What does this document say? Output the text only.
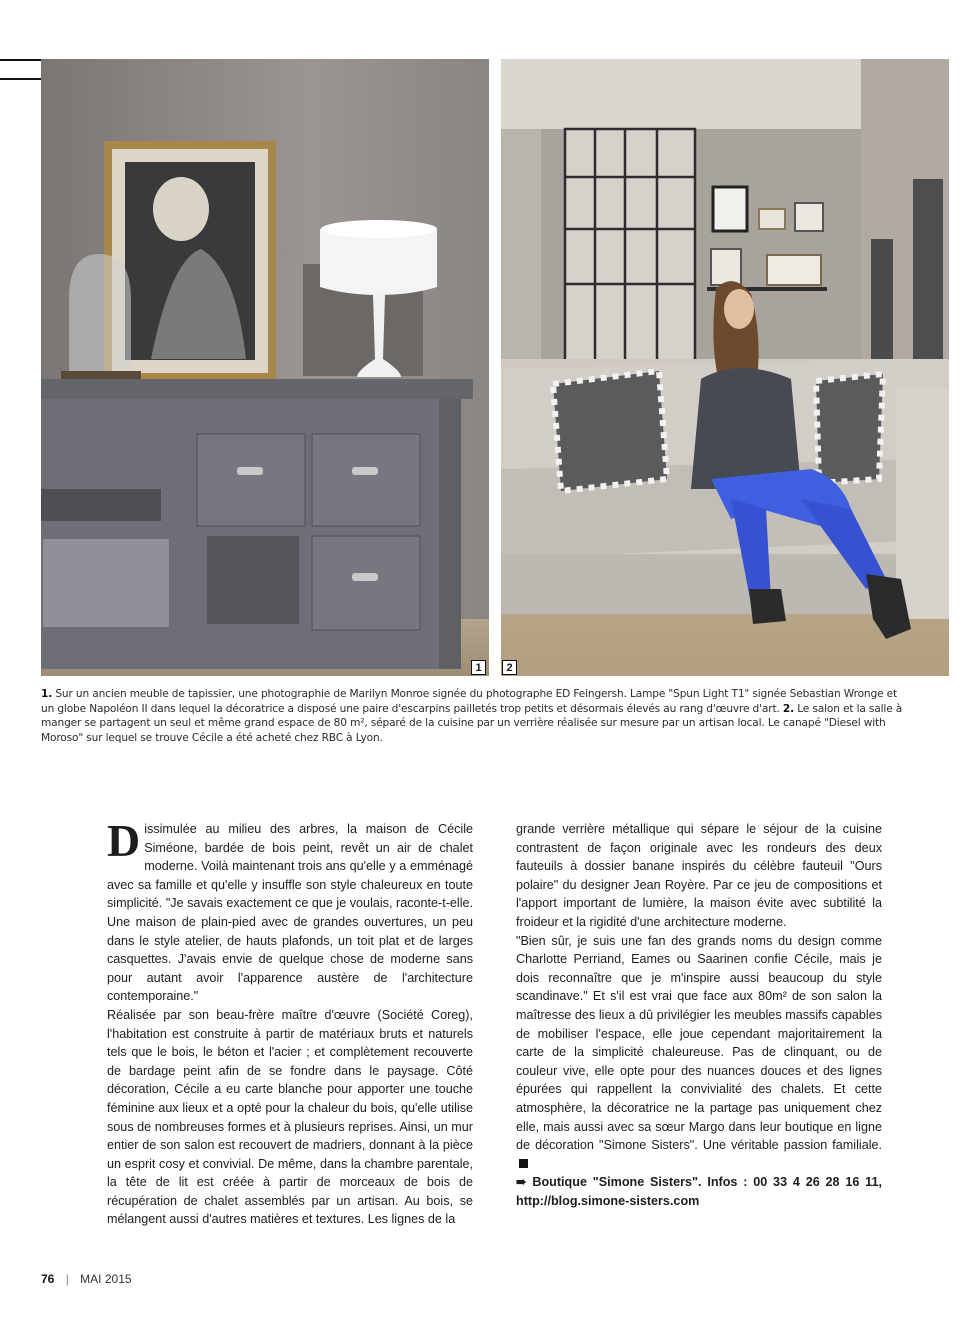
1	2
1. Sur un ancien meuble de tapissier, une photographie de Marilyn Monroe signée du photographe ED Feingersh. Lampe "Spun Light T1" signée Sebastian Wronge et un globe Napoléon II dans lequel la décoratrice a disposé une paire d'escarpins pailletés trop petits et désormais élevés au rang d'œuvre d'art. 2. Le salon et la salle à manger se partagent un seul et même grand espace de 80 m², séparé de la cuisine par un verrière réalisée sur mesure par un artisan local. Le canapé "Diesel with Moroso" sur lequel se trouve Cécile a été acheté chez RBC à Lyon.

Dissimulée au milieu des arbres, la maison de Cécile Siméone, bardée de bois peint, revêt un air de chalet moderne. Voilà maintenant trois ans qu'elle y a emménagé avec sa famille et qu'elle y insuffle son style chaleureux en toute simplicité. "Je savais exactement ce que je voulais, raconte-t-elle. Une maison de plain-pied avec de grandes ouvertures, un peu dans le style atelier, de hauts plafonds, un toit plat et de larges casquettes. J'avais envie de quelque chose de moderne sans pour autant avoir l'apparence austère de l'architecture contemporaine."

Réalisée par son beau-frère maître d'œuvre (Société Coreg), l'habitation est construite à partir de matériaux bruts et naturels tels que le bois, le béton et l'acier ; et complètement recouverte de bardage peint afin de se fondre dans le paysage. Côté décoration, Cécile a eu carte blanche pour apporter une touche féminine aux lieux et a opté pour la chaleur du bois, qu'elle utilise sous de nombreuses formes et à plusieurs reprises. Ainsi, un mur entier de son salon est recouvert de madriers, donnant à la pièce un esprit cosy et convivial. De même, dans la chambre parentale, la tête de lit est créée à partir de morceaux de bois de récupération de chalet assemblés par un artisan. Au bois, se mélangent aussi d'autres matières et textures. Les lignes de la

grande verrière métallique qui sépare le séjour de la cuisine contrastent de façon originale avec les rondeurs des deux fauteuils à dossier banane inspirés du célèbre fauteuil "Ours polaire" du designer Jean Royère. Par ce jeu de compositions et l'apport important de lumière, la maison évite avec subtilité la froideur et la rigidité d'une architecture moderne.

"Bien sûr, je suis une fan des grands noms du design comme Charlotte Perriand, Eames ou Saarinen confie Cécile, mais je dois reconnaître que je m'inspire aussi beaucoup du style scandinave." Et s'il est vrai que face aux 80m² de son salon la maîtresse des lieux a dû privilégier les meubles massifs capables de mobiliser l'espace, elle joue cependant majoritairement la carte de la simplicité chaleureuse. Pas de clinquant, ou de couleur vive, elle opte pour des nuances douces et des lignes épurées qui rappellent la convivialité des chalets. Et cette atmosphère, la décoratrice ne la partage pas uniquement chez elle, mais aussi avec sa sœur Margo dans leur boutique en ligne de décoration "Simone Sisters". Une véritable passion familiale.

➠ Boutique "Simone Sisters". Infos : 00 33 4 26 28 16 11, http://blog.simone-sisters.com

76 | MAI 2015
